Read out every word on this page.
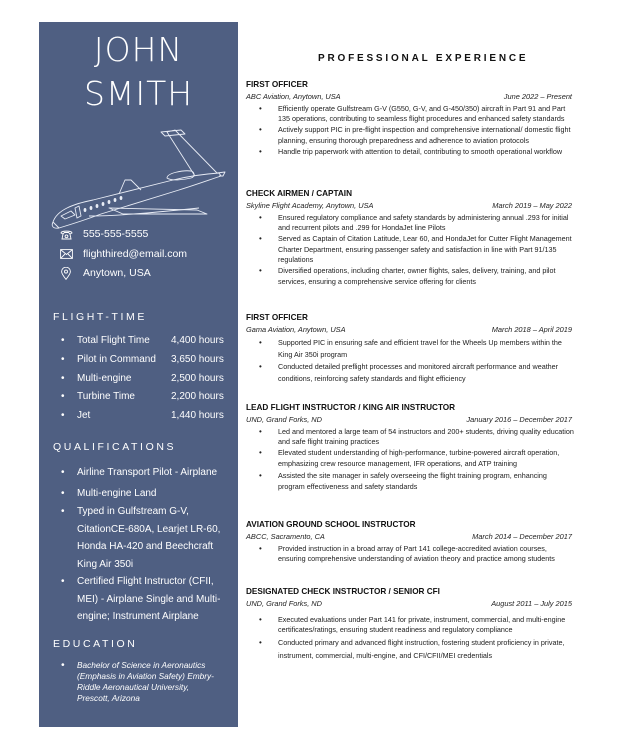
JOHN
SMITH
555-555-5555
flighthired@email.com
Anytown, USA
FLIGHT-TIME
• Total Flight Time 4,400 hours
• Pilot in Command 3,650 hours
• Multi-engine	2,500 hours
• Turbine Time	2,200 hours
• Jet	1,440 hours
QUALIFICATIONS
•	Airline Transport Pilot - Airplane
•	Multi-engine Land
•	Typed in Gulfstream G-V, CitationCE-680A, Learjet LR-60, Honda HA-420 and Beechcraft King Air 350i
•	Certified Flight Instructor (CFII, MEI) - Airplane Single and Multi-engine; Instrument Airplane
EDUCATION
•	Bachelor of Science in Aeronautics (Emphasis in Aviation Safety) Embry-Riddle Aeronautical University, Prescott, Arizona
PROFESSIONAL EXPERIENCE
FIRST OFFICER
ABC Aviation, Anytown, USA	June 2022 – Present
• Efficiently operate Gulfstream G-V (G550, G-V, and G-450/350) aircraft in Part 91 and Part 135 operations, contributing to seamless flight procedures and enhanced safety standards
• Actively support PIC in pre-flight inspection and comprehensive international/ domestic flight planning, ensuring thorough preparedness and adherence to aviation protocols
• Handle trip paperwork with attention to detail, contributing to smooth operational workflow
CHECK AIRMEN / CAPTAIN
Skyline Flight Academy, Anytown, USA	March 2019 – May 2022
• Ensured regulatory compliance and safety standards by administering annual .293 for initial and recurrent pilots and .299 for HondaJet line Pilots
• Served as Captain of Citation Latitude, Lear 60, and HondaJet for Cutter Flight Management Charter Department, ensuring passenger safety and satisfaction in line with Part 91/135 regulations
• Diversified operations, including charter, owner flights, sales, delivery, training, and pilot services, ensuring a comprehensive service offering for clients
FIRST OFFICER
Gama Aviation, Anytown, USA	March 2018 – April 2019
• Supported PIC in ensuring safe and efficient travel for the Wheels Up members within the King Air 350i program
• Conducted detailed preflight processes and monitored aircraft performance and weather conditions, reinforcing safety standards and flight efficiency
LEAD FLIGHT INSTRUCTOR / KING AIR INSTRUCTOR
UND, Grand Forks, ND	January 2016 – December 2017
• Led and mentored a large team of 54 instructors and 200+ students, driving quality education and safe flight training practices
• Elevated student understanding of high-performance, turbine-powered aircraft operation, emphasizing crew resource management, IFR operations, and ATP training
• Assisted the site manager in safely overseeing the flight training program, enhancing program effectiveness and safety standards
AVIATION GROUND SCHOOL INSTRUCTOR
ABCC, Sacramento, CA	March 2014 – December 2017
• Provided instruction in a broad array of Part 141 college-accredited aviation courses, ensuring comprehensive understanding of aviation theory and practice among students
DESIGNATED CHECK INSTRUCTOR / SENIOR CFI
UND, Grand Forks, ND	August 2011 – July 2015
• Executed evaluations under Part 141 for private, instrument, commercial, and multi-engine certificates/ratings, ensuring student readiness and regulatory compliance
• Conducted primary and advanced flight instruction, fostering student proficiency in private, instrument, commercial, multi-engine, and CFI/CFII/MEI credentials
